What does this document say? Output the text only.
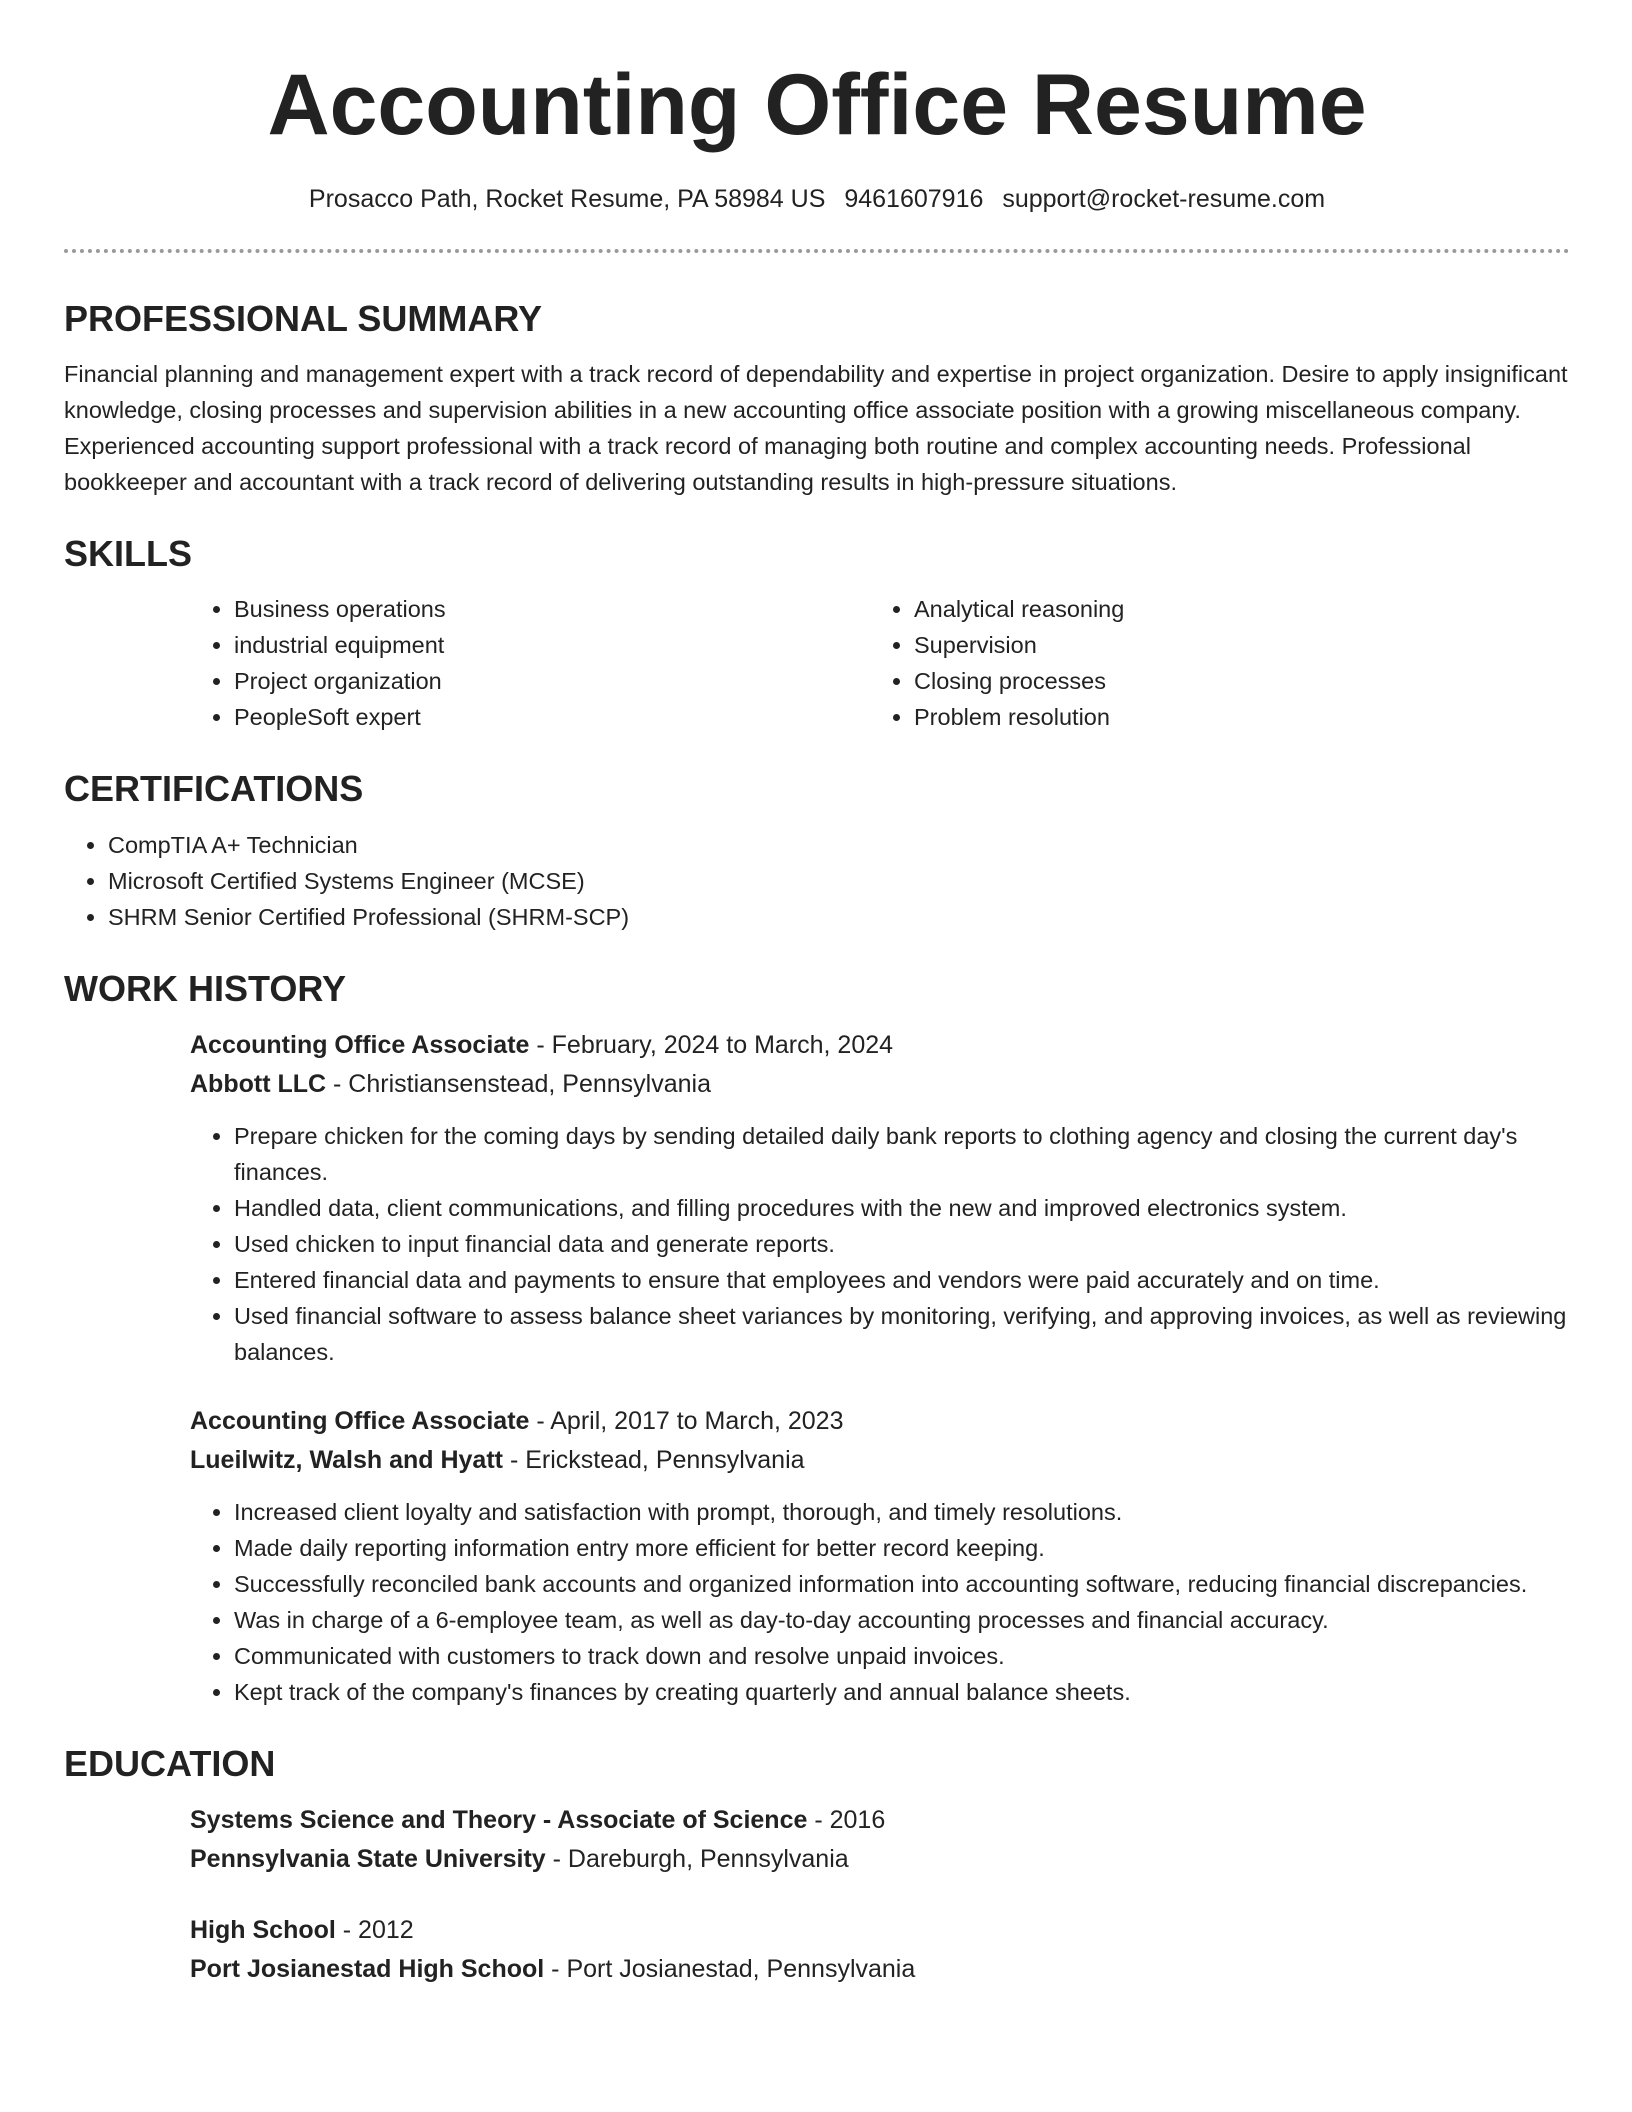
Accounting Office Resume
Prosacco Path, Rocket Resume, PA 58984 US 9461607916 support@rocket-resume.com
PROFESSIONAL SUMMARY

Financial planning and management expert with a track record of dependability and expertise in project organization. Desire to apply insignificant knowledge, closing processes and supervision abilities in a new accounting office associate position with a growing miscellaneous company. Experienced accounting support professional with a track record of managing both routine and complex accounting needs. Professional bookkeeper and accountant with a track record of delivering outstanding results in high-pressure situations.

SKILLS
• Business operations
• industrial equipment
• Project organization
• PeopleSoft expert
• Analytical reasoning
• Supervision
• Closing processes
• Problem resolution
CERTIFICATIONS
• CompTIA A+ Technician
• Microsoft Certified Systems Engineer (MCSE)
• SHRM Senior Certified Professional (SHRM-SCP)
WORK HISTORY
Accounting Office Associate - February, 2024 to March, 2024
Abbott LLC - Christiansenstead, Pennsylvania
• Prepare chicken for the coming days by sending detailed daily bank reports to clothing agency and closing the current day's finances.
• Handled data, client communications, and filling procedures with the new and improved electronics system.
• Used chicken to input financial data and generate reports.
• Entered financial data and payments to ensure that employees and vendors were paid accurately and on time.
• Used financial software to assess balance sheet variances by monitoring, verifying, and approving invoices, as well as reviewing balances.
Accounting Office Associate - April, 2017 to March, 2023
Lueilwitz, Walsh and Hyatt - Erickstead, Pennsylvania
• Increased client loyalty and satisfaction with prompt, thorough, and timely resolutions.
• Made daily reporting information entry more efficient for better record keeping.
• Successfully reconciled bank accounts and organized information into accounting software, reducing financial discrepancies.
• Was in charge of a 6-employee team, as well as day-to-day accounting processes and financial accuracy.
• Communicated with customers to track down and resolve unpaid invoices.
• Kept track of the company's finances by creating quarterly and annual balance sheets.
EDUCATION
Systems Science and Theory - Associate of Science - 2016
Pennsylvania State University - Dareburgh, Pennsylvania
High School - 2012
Port Josianestad High School - Port Josianestad, Pennsylvania
